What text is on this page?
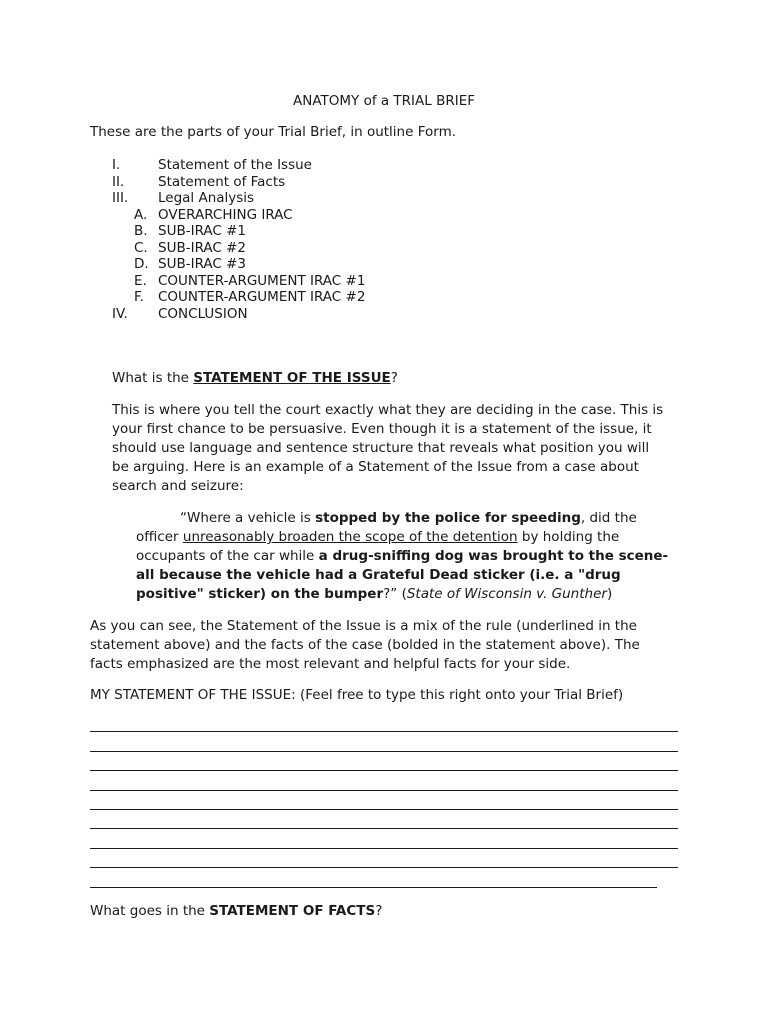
ANATOMY of a TRIAL BRIEF
These are the parts of your Trial Brief, in outline Form.
I.	Statement of the Issue
II.	Statement of Facts
III.	Legal Analysis
A. OVERARCHING IRAC
B. SUB-IRAC #1
C. SUB-IRAC #2
D. SUB-IRAC #3
E. COUNTER-ARGUMENT IRAC #1
F.	COUNTER-ARGUMENT IRAC #2
IV.	CONCLUSION
What is the STATEMENT OF THE ISSUE?
This is where you tell the court exactly what they are deciding in the case. This is your first chance to be persuasive. Even though it is a statement of the issue, it should use language and sentence structure that reveals what position you will be arguing. Here is an example of a Statement of the Issue from a case about search and seizure:
“Where a vehicle is stopped by the police for speeding, did the officer unreasonably broaden the scope of the detention by holding the occupants of the car while a drug-sniffing dog was brought to the scene- all because the vehicle had a Grateful Dead sticker (i.e. a "drug positive" sticker) on the bumper?” (State of Wisconsin v. Gunther)
As you can see, the Statement of the Issue is a mix of the rule (underlined in the statement above) and the facts of the case (bolded in the statement above). The facts emphasized are the most relevant and helpful facts for your side.
MY STATEMENT OF THE ISSUE: (Feel free to type this right onto your Trial Brief)
What goes in the STATEMENT OF FACTS?
